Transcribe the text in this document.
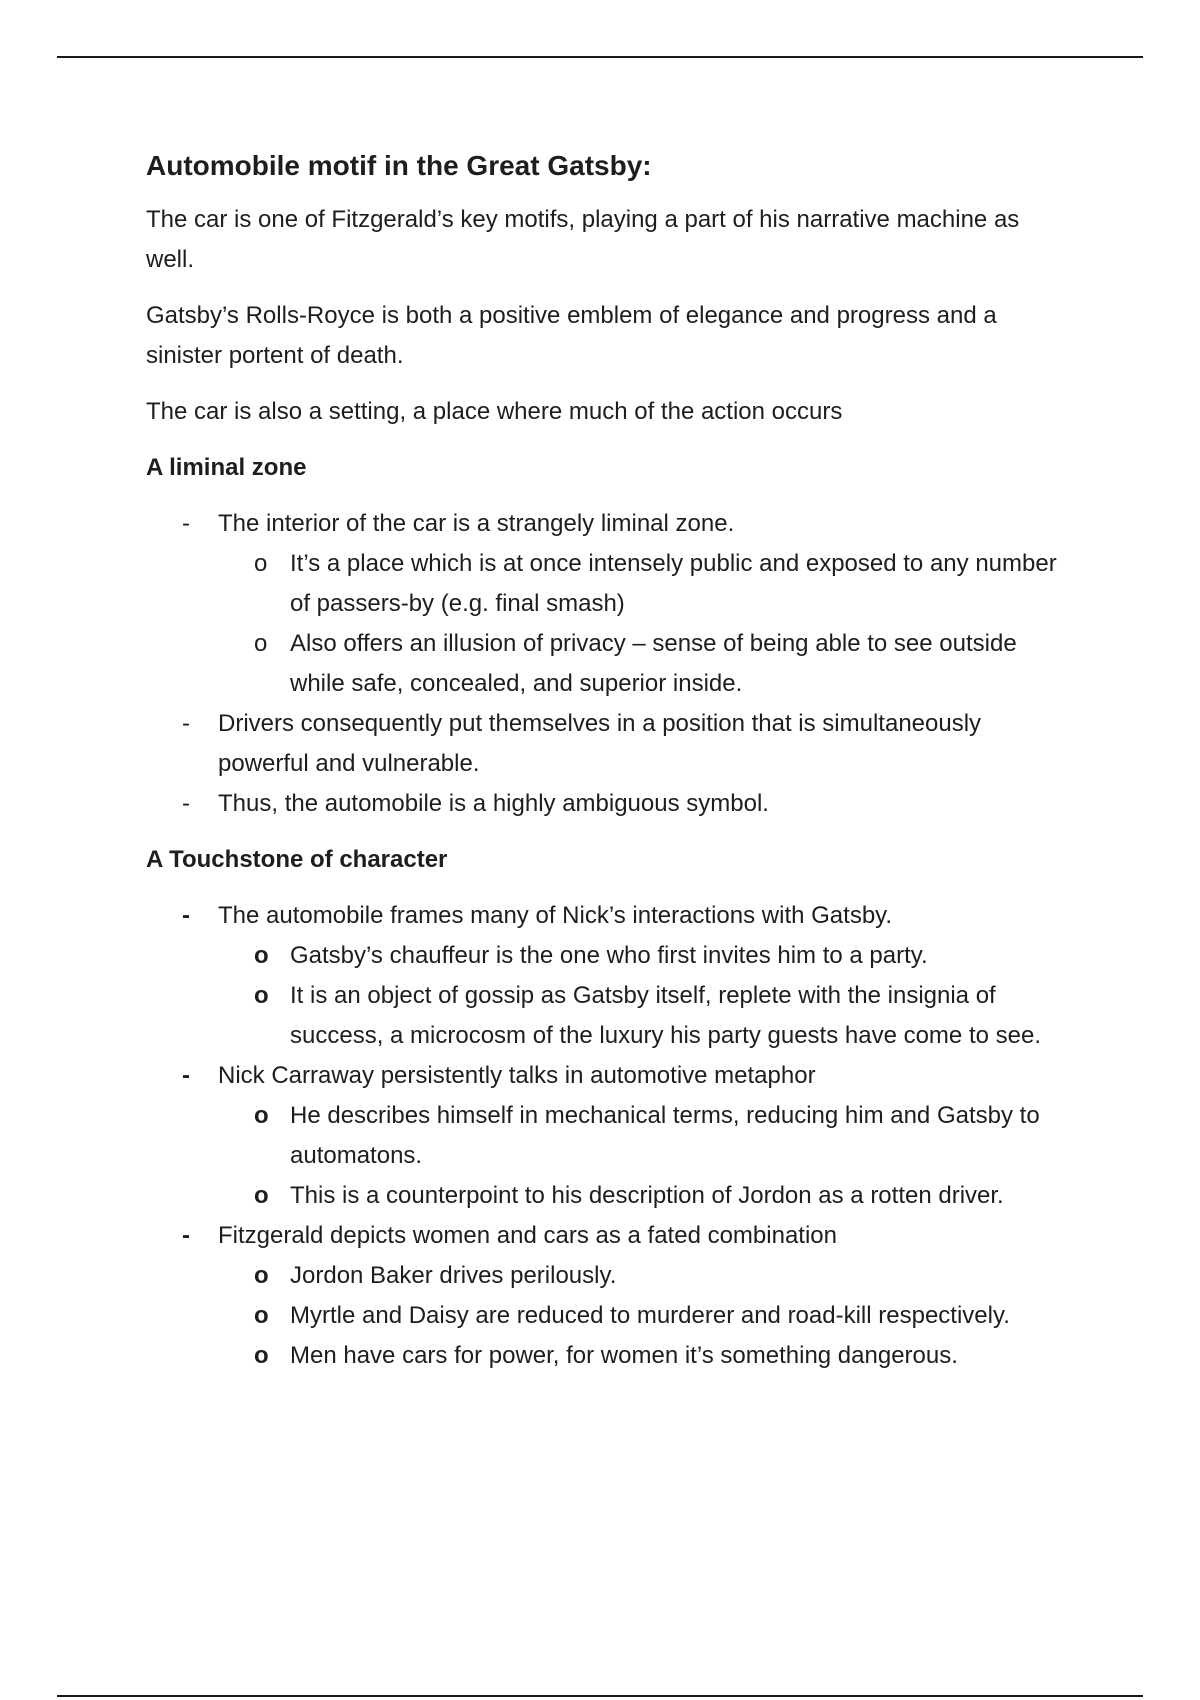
Automobile motif in the Great Gatsby:

The car is one of Fitzgerald’s key motifs, playing a part of his narrative machine as well.

Gatsby’s Rolls-Royce is both a positive emblem of elegance and progress and a sinister portent of death.

The car is also a setting, a place where much of the action occurs

A liminal zone
- The interior of the car is a strangely liminal zone.
o It’s a place which is at once intensely public and exposed to any number of passers-by (e.g. final smash)
o Also offers an illusion of privacy – sense of being able to see outside while safe, concealed, and superior inside.
- Drivers consequently put themselves in a position that is simultaneously powerful and vulnerable.
- Thus, the automobile is a highly ambiguous symbol.
A Touchstone of character
- The automobile frames many of Nick’s interactions with Gatsby.
o Gatsby’s chauffeur is the one who first invites him to a party.
o It is an object of gossip as Gatsby itself, replete with the insignia of success, a microcosm of the luxury his party guests have come to see.
- Nick Carraway persistently talks in automotive metaphor
o He describes himself in mechanical terms, reducing him and Gatsby to automatons.
o This is a counterpoint to his description of Jordon as a rotten driver.
- Fitzgerald depicts women and cars as a fated combination
o Jordon Baker drives perilously.
o Myrtle and Daisy are reduced to murderer and road-kill respectively.
o Men have cars for power, for women it’s something dangerous.
